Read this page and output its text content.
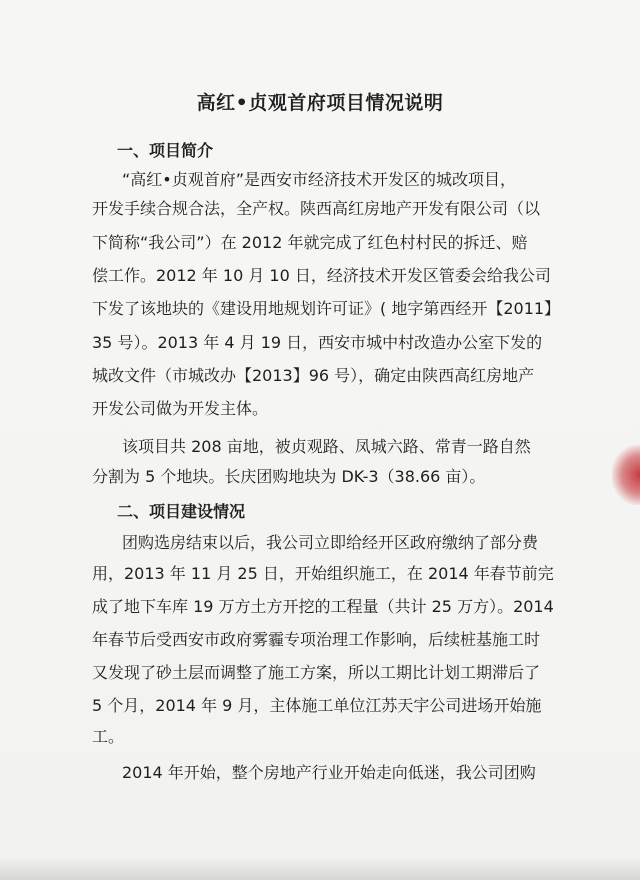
高红•贞观首府项目情况说明
一、项目简介
“高红•贞观首府”是西安市经济技术开发区的城改项目，
开发手续合规合法，全产权。陕西高红房地产开发有限公司（以
下简称“我公司”）在 2012 年就完成了红色村村民的拆迁、赔
偿工作。2012 年 10 月 10 日，经济技术开发区管委会给我公司
下发了该地块的《建设用地规划许可证》( 地字第西经开【2011】
35 号）。2013 年 4 月 19 日，西安市城中村改造办公室下发的
城改文件（市城改办【2013】96 号），确定由陕西高红房地产
开发公司做为开发主体。
该项目共 208 亩地，被贞观路、凤城六路、常青一路自然
分割为 5 个地块。长庆团购地块为 DK-3（38.66 亩）。
二、项目建设情况
团购选房结束以后，我公司立即给经开区政府缴纳了部分费
用，2013 年 11 月 25 日，开始组织施工，在 2014 年春节前完
成了地下车库 19 万方土方开挖的工程量（共计 25 万方）。2014
年春节后受西安市政府雾霾专项治理工作影响，后续桩基施工时
又发现了砂土层而调整了施工方案，所以工期比计划工期滞后了
5 个月，2014 年 9 月，主体施工单位江苏天宇公司进场开始施
工。
2014 年开始，整个房地产行业开始走向低迷，我公司团购
